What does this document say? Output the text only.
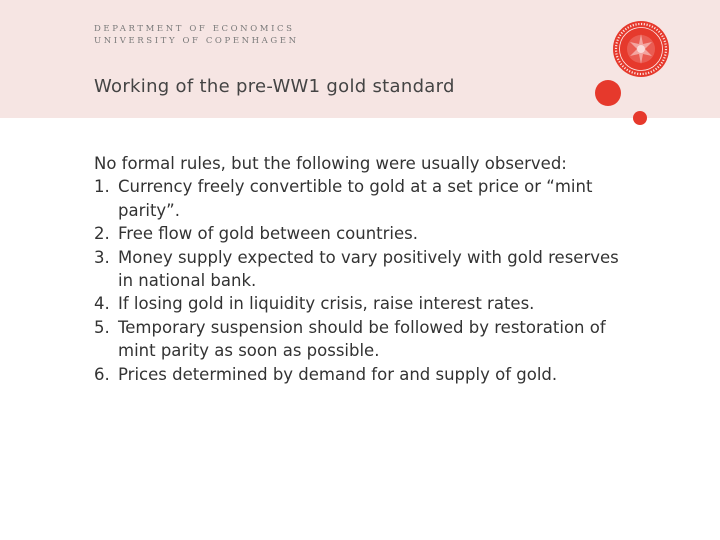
DEPARTMENT OF ECONOMICS
UNIVERSITY OF COPENHAGEN
Working of the pre-WW1 gold standard
No formal rules, but the following were usually observed:
1. Currency freely convertible to gold at a set price or “mint parity”.
2. Free flow of gold between countries.
3. Money supply expected to vary positively with gold reserves in national bank.
4. If losing gold in liquidity crisis, raise interest rates.
5. Temporary suspension should be followed by restoration of mint parity as soon as possible.
6. Prices determined by demand for and supply of gold.
